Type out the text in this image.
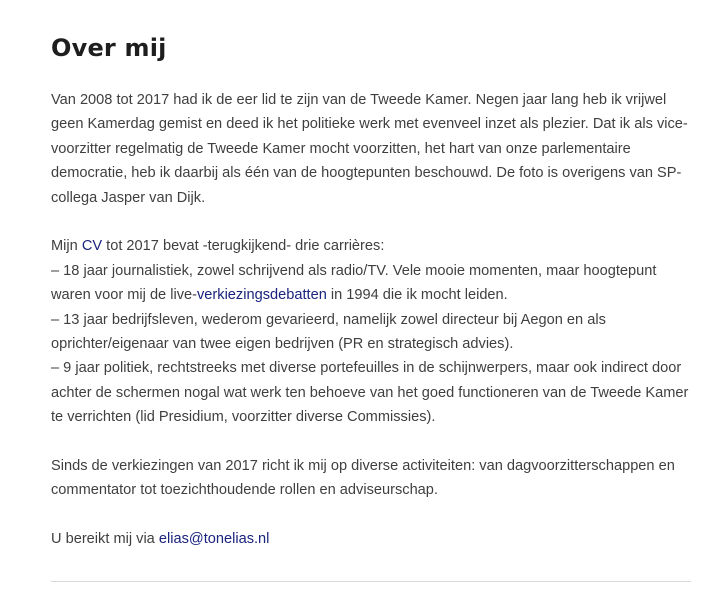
Over mij

Van 2008 tot 2017 had ik de eer lid te zijn van de Tweede Kamer. Negen jaar lang heb ik vrijwel
geen Kamerdag gemist en deed ik het politieke werk met evenveel inzet als plezier. Dat ik als vice-
voorzitter regelmatig de Tweede Kamer mocht voorzitten, het hart van onze parlementaire
democratie, heb ik daarbij als één van de hoogtepunten beschouwd. De foto is overigens van SP-
collega Jasper van Dijk.

Mijn CV tot 2017 bevat -terugkijkend- drie carrières:
– 18 jaar journalistiek, zowel schrijvend als radio/TV. Vele mooie momenten, maar hoogtepunt
waren voor mij de live-verkiezingsdebatten in 1994 die ik mocht leiden.
– 13 jaar bedrijfsleven, wederom gevarieerd, namelijk zowel directeur bij Aegon en als
oprichter/eigenaar van twee eigen bedrijven (PR en strategisch advies).
– 9 jaar politiek, rechtstreeks met diverse portefeuilles in de schijnwerpers, maar ook indirect door
achter de schermen nogal wat werk ten behoeve van het goed functioneren van de Tweede Kamer
te verrichten (lid Presidium, voorzitter diverse Commissies).

Sinds de verkiezingen van 2017 richt ik mij op diverse activiteiten: van dagvoorzitterschappen en
commentator tot toezichthoudende rollen en adviseurschap.

U bereikt mij via elias@tonelias.nl
